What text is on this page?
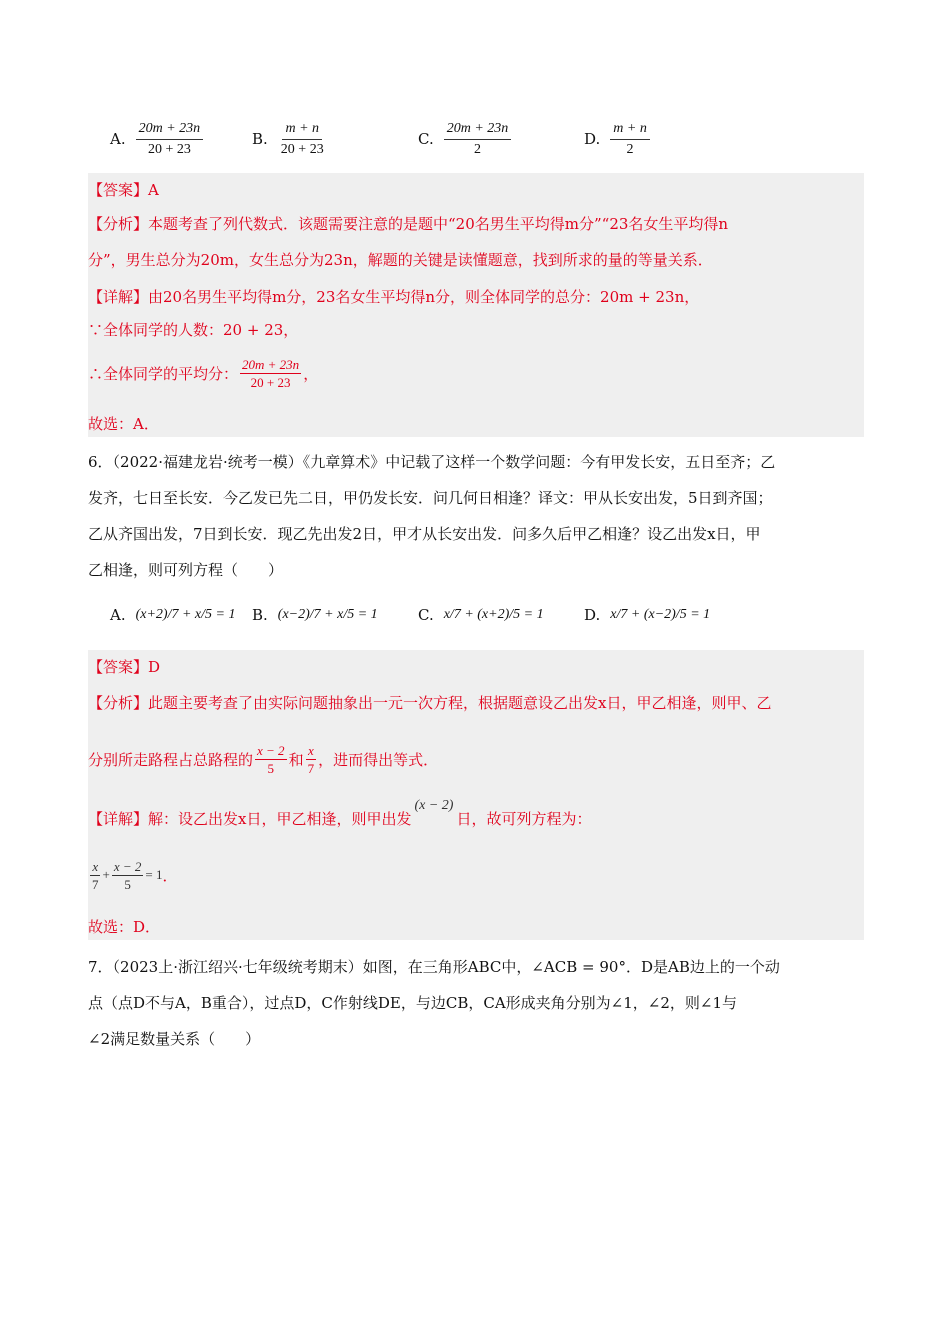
A. $\frac{20m + 23n}{20 + 23}$	B. $\frac{m + n}{20 + 23}$	C. $\frac{20m + 23n}{2}$	D. $\frac{m + n}{2}$
【答案】A
【分析】本题考查了列代数式．该题需要注意的是题中“20名男生平均得m分”“23名女生平均得n
分”，男生总分为20m，女生总分为23n，解题的关键是读懂题意，找到所求的量的等量关系．
【详解】由20名男生平均得m分，23名女生平均得n分，则全体同学的总分：20m + 23n，
∵全体同学的人数：20 + 23，
∴全体同学的平均分： $\frac{20m + 23n}{20 + 23}$ ，
故选：A．
6．（2022·福建龙岩·统考一模）《九章算术》中记载了这样一个数学问题：今有甲发长安，五日至齐；乙
发齐，七日至长安．今乙发已先二日，甲仍发长安．问几何日相逢？译文：甲从长安出发，5日到齐国；
乙从齐国出发，7日到长安．现乙先出发2日，甲才从长安出发．问多久后甲乙相逢？设乙出发x日，甲
乙相逢，则可列方程（　　）
A. (x+2)/7 + x/5 = 1 B. (x−2)/7 + x/5 = 1	C. x/7 + (x+2)/5 = 1	D. x/7 + (x−2)/5 = 1
【答案】D
【分析】此题主要考查了由实际问题抽象出一元一次方程，根据题意设乙出发x日，甲乙相逢，则甲、乙
分别所走路程占总路程的 $\frac{x - 2}{5}$ 和 $\frac{x}{7}$ ，进而得出等式．
【详解】解：设乙出发x日，甲乙相逢，则甲出发
(x − 2)
日，故可列方程为：
$\frac{x}{7} + \frac{x - 2}{5} = 1$ ．
故选：D．
7．（2023上·浙江绍兴·七年级统考期末）如图，在三角形ABC中，∠ACB = 90°．D是AB边上的一个动
点（点D不与A，B重合），过点D，C作射线DE，与边CB，CA形成夹角分别为∠1，∠2，则∠1与
∠2满足数量关系（　　）
